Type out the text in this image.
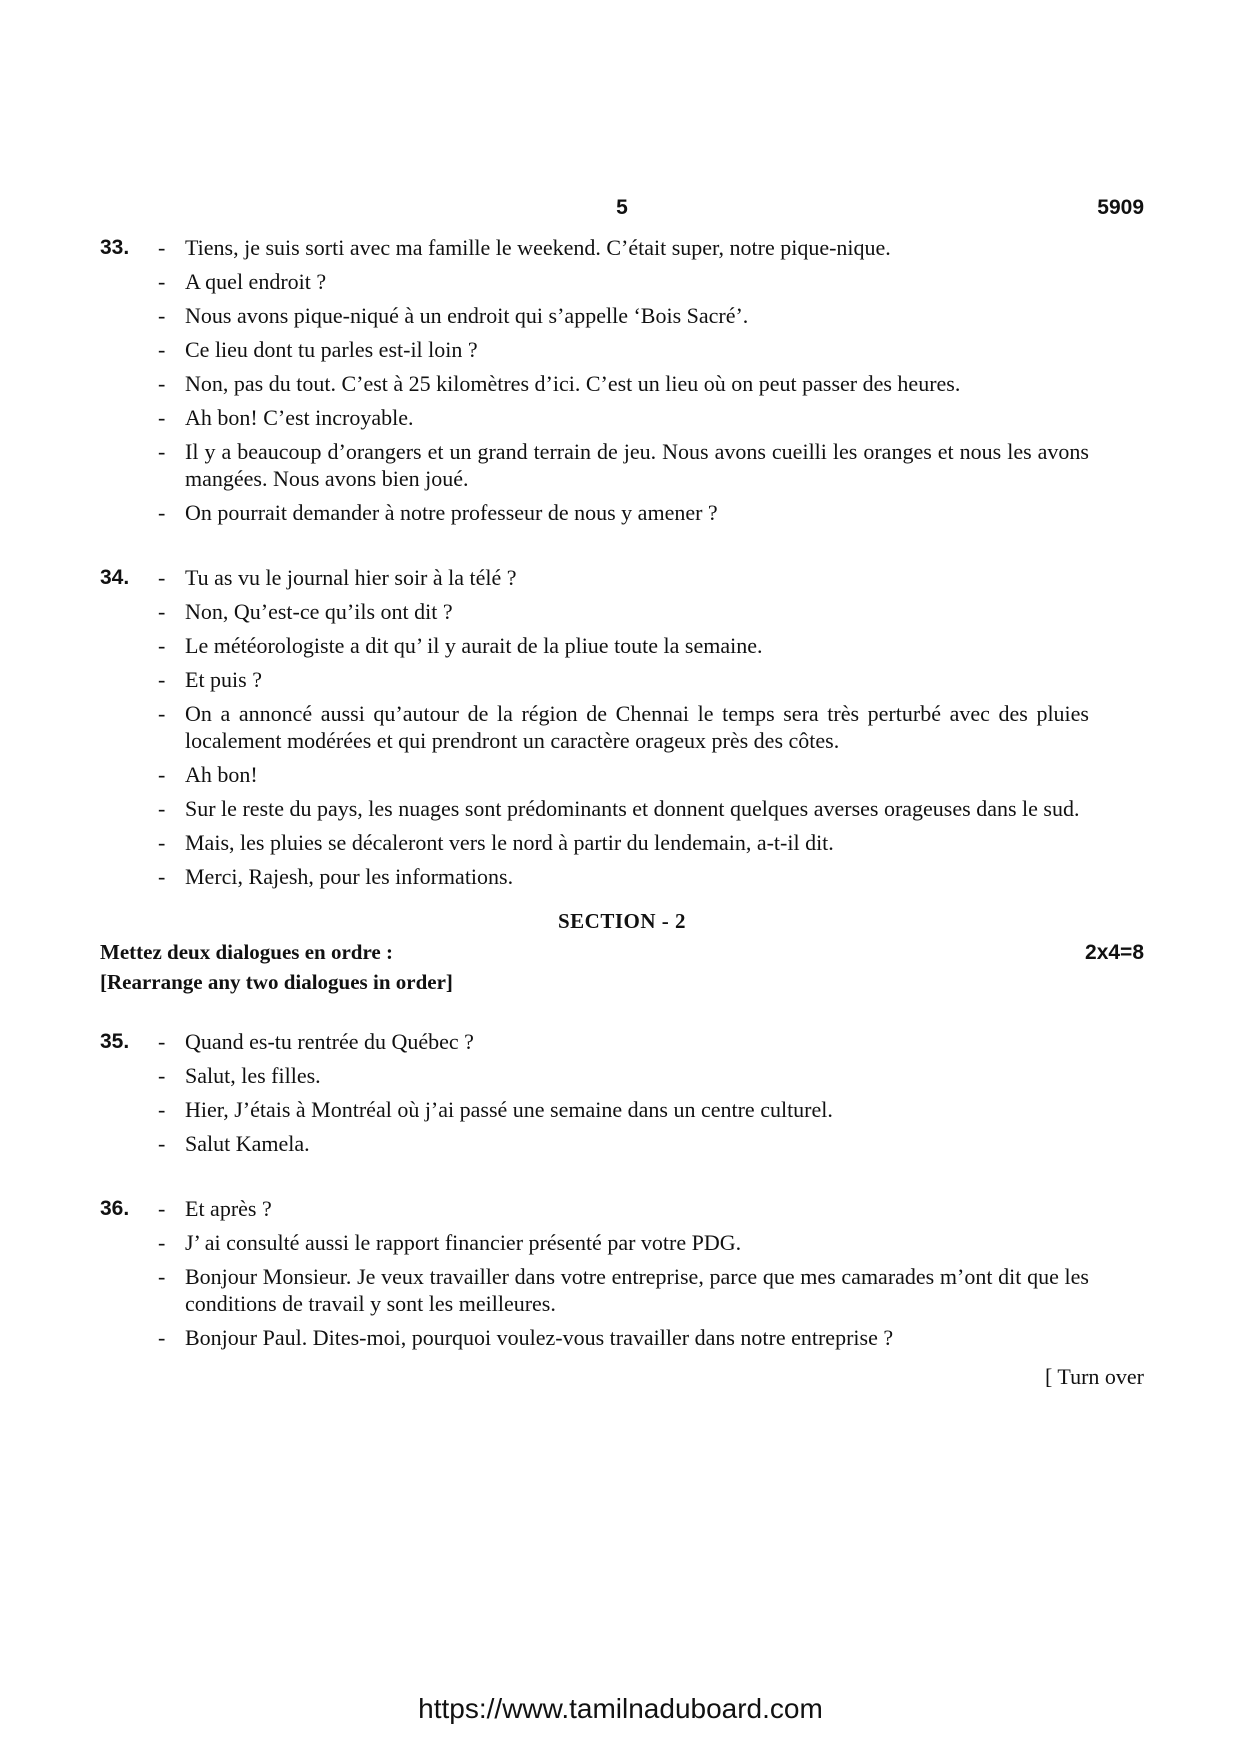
5	5909
33.	- Tiens, je suis sorti avec ma famille le weekend. C’était super, notre pique-nique.
- A quel endroit ?
- Nous avons pique-niqué à un endroit qui s’appelle ‘Bois Sacré’.
- Ce lieu dont tu parles est-il loin ?
- Non, pas du tout. C’est à 25 kilomètres d’ici. C’est un lieu où on peut passer des heures.
- Ah bon! C’est incroyable.
- Il y a beaucoup d’orangers et un grand terrain de jeu. Nous avons cueilli les oranges et nous les avons mangées. Nous avons bien joué.
- On pourrait demander à notre professeur de nous y amener ?
34.	- Tu as vu le journal hier soir à la télé ?
- Non, Qu’est-ce qu’ils ont dit ?
- Le météorologiste a dit qu’ il y aurait de la pliue toute la semaine.
- Et puis ?
- On a annoncé aussi qu’autour de la région de Chennai le temps sera très perturbé avec des pluies localement modérées et qui prendront un caractère orageux près des côtes.
- Ah bon!
- Sur le reste du pays, les nuages sont prédominants et donnent quelques averses orageuses dans le sud.
- Mais, les pluies se décaleront vers le nord à partir du lendemain, a-t-il dit.
- Merci, Rajesh, pour les informations.
SECTION - 2
Mettez deux dialogues en ordre :	2x4=8
[Rearrange any two dialogues in order]
35.	- Quand es-tu rentrée du Québec ?
- Salut, les filles.
- Hier, J’étais à Montréal où j’ai passé une semaine dans un centre culturel.
- Salut Kamela.
36.	- Et après ?
- J’ ai consulté aussi le rapport financier présenté par votre PDG.
- Bonjour Monsieur. Je veux travailler dans votre entreprise, parce que mes camarades m’ont dit que les conditions de travail y sont les meilleures.
- Bonjour Paul. Dites-moi, pourquoi voulez-vous travailler dans notre entreprise ?
[ Turn over
https://www.tamilnaduboard.com
